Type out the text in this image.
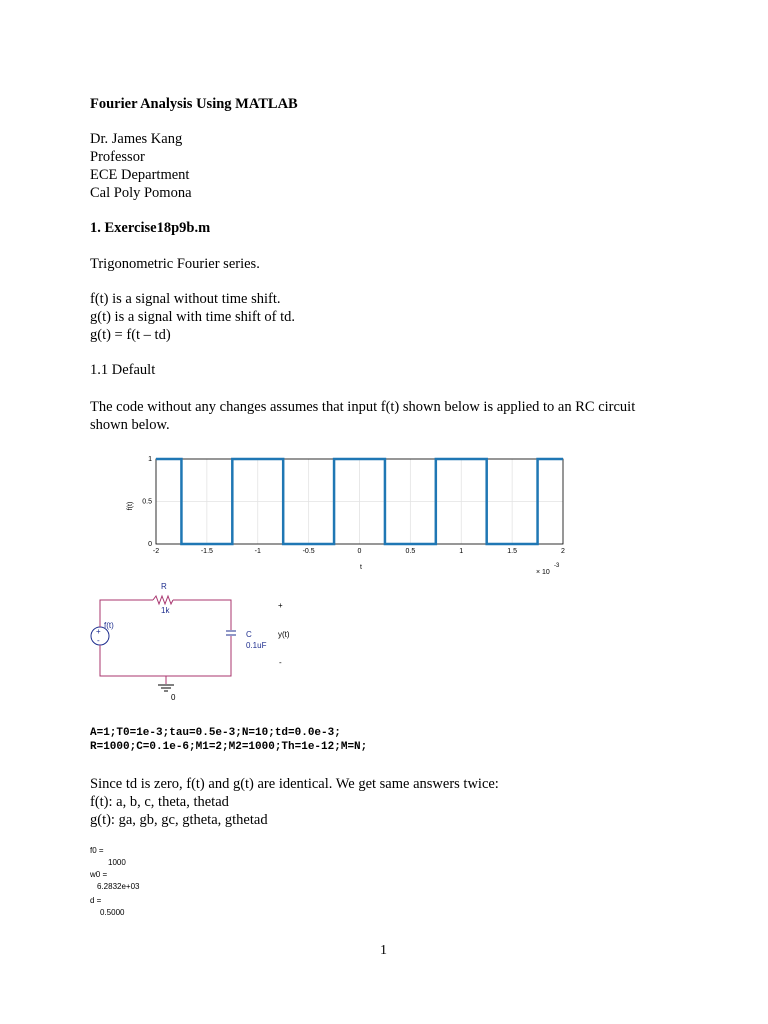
Fourier Analysis Using MATLAB

Dr. James Kang

Professor

ECE Department

Cal Poly Pomona

1. Exercise18p9b.m

Trigonometric Fourier series.

f(t) is a signal without time shift.

g(t) is a signal with time shift of td.

g(t) = f(t – td)

1.1 Default

The code without any changes assumes that input f(t) shown below is applied to an RC circuit

shown below.

-2	-1.5	-1	-0.5	0	0.5	1	1.5	2
0
0.5
1
t
f(t)
× 10
-3
+
-
0
R
1k
f(t)
C
0.1uF
+
y(t)
-
A=1;T0=1e-3;tau=0.5e-3;N=10;td=0.0e-3;
R=1000;C=0.1e-6;M1=2;M2=1000;Th=1e-12;M=N;

Since td is zero, f(t) and g(t) are identical. We get same answers twice:

f(t): a, b, c, theta, thetad

g(t): ga, gb, gc, gtheta, gthetad

f0 =
1000
w0 =
6.2832e+03
d =
0.5000
1
